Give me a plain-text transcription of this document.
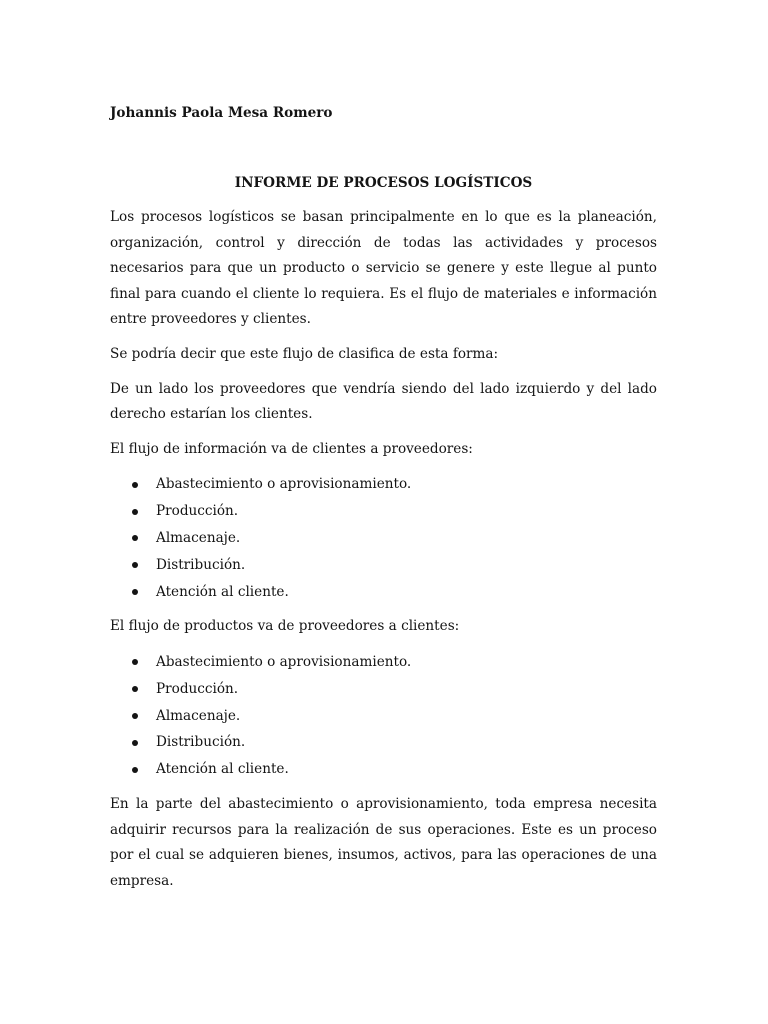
Johannis Paola Mesa Romero

INFORME DE PROCESOS LOGÍSTICOS

Los procesos logísticos se basan principalmente en lo que es la planeación, organización, control y dirección de todas las actividades y procesos necesarios para que un producto o servicio se genere y este llegue al punto final para cuando el cliente lo requiera. Es el flujo de materiales e información entre proveedores y clientes.

Se podría decir que este flujo de clasifica de esta forma:

De un lado los proveedores que vendría siendo del lado izquierdo y del lado derecho estarían los clientes.

El flujo de información va de clientes a proveedores:

Abastecimiento o aprovisionamiento.
Producción.
Almacenaje.
Distribución.
Atención al cliente.

El flujo de productos va de proveedores a clientes:

Abastecimiento o aprovisionamiento.
Producción.
Almacenaje.
Distribución.
Atención al cliente.

En la parte del abastecimiento o aprovisionamiento, toda empresa necesita adquirir recursos para la realización de sus operaciones. Este es un proceso por el cual se adquieren bienes, insumos, activos, para las operaciones de una empresa.
